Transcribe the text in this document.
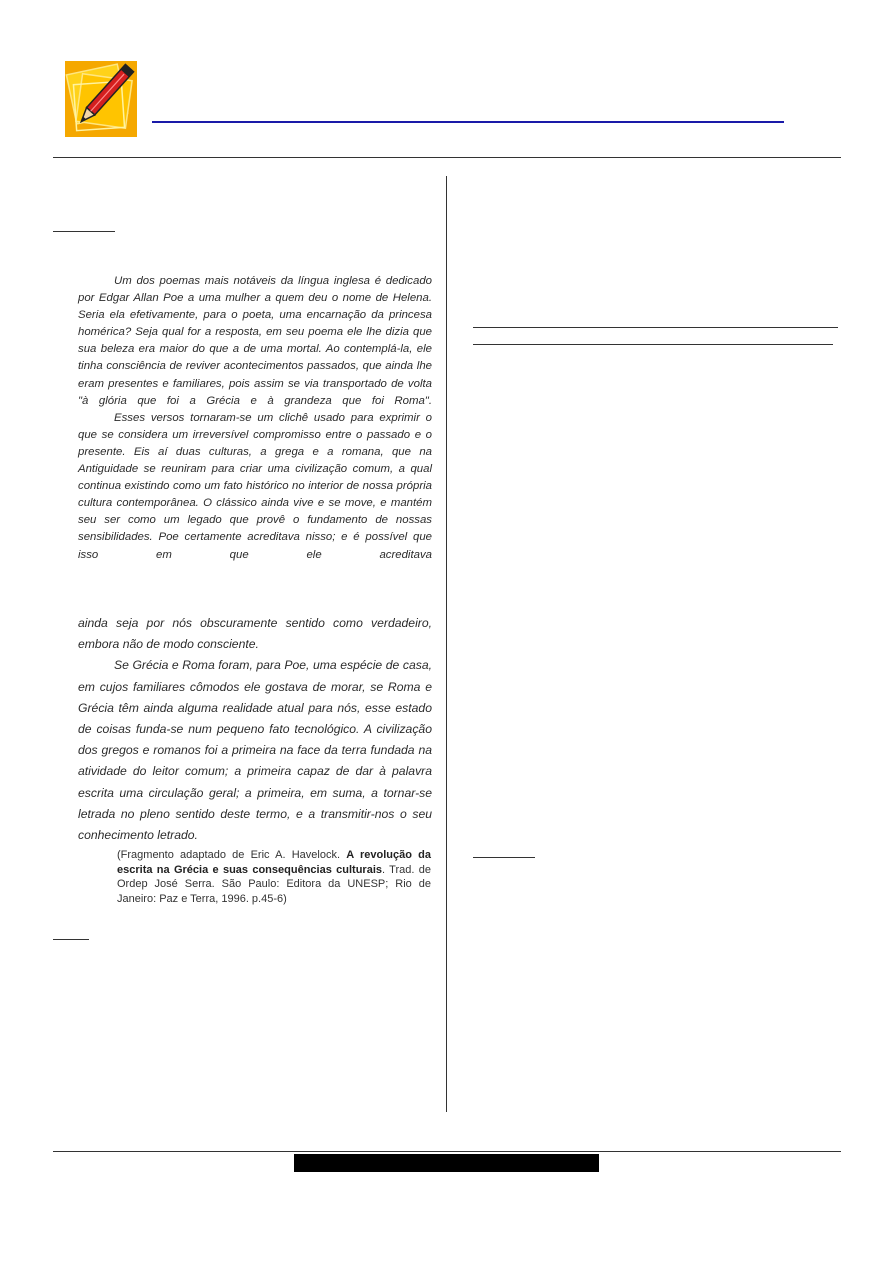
Um dos poemas mais notáveis da língua inglesa é dedicado por Edgar Allan Poe a uma mulher a quem deu o nome de Helena. Seria ela efetivamente, para o poeta, uma encarnação da princesa homérica? Seja qual for a resposta, em seu poema ele lhe dizia que sua beleza era maior do que a de uma mortal. Ao contemplá-la, ele tinha consciência de reviver acontecimentos passados, que ainda lhe eram presentes e familiares, pois assim se via transportado de volta "à glória que foi a Grécia e à grandeza que foi Roma".

Esses versos tornaram-se um clichê usado para exprimir o que se considera um irreversível compromisso entre o passado e o presente. Eis aí duas culturas, a grega e a romana, que na Antiguidade se reuniram para criar uma civilização comum, a qual continua existindo como um fato histórico no interior de nossa própria cultura contemporânea. O clássico ainda vive e se move, e mantém seu ser como um legado que provê o fundamento de nossas sensibilidades. Poe certamente acreditava nisso; e é possível que isso em que ele acreditava

ainda seja por nós obscuramente sentido como verdadeiro, embora não de modo consciente.

Se Grécia e Roma foram, para Poe, uma espécie de casa, em cujos familiares cômodos ele gostava de morar, se Roma e Grécia têm ainda alguma realidade atual para nós, esse estado de coisas funda-se num pequeno fato tecnológico. A civilização dos gregos e romanos foi a primeira na face da terra fundada na atividade do leitor comum; a primeira capaz de dar à palavra escrita uma circulação geral; a primeira, em suma, a tornar-se letrada no pleno sentido deste termo, e a transmitir-nos o seu conhecimento letrado.

(Fragmento adaptado de Eric A. Havelock. A revolução da escrita na Grécia e suas consequências culturais. Trad. de Ordep José Serra. São Paulo: Editora da UNESP; Rio de Janeiro: Paz e Terra, 1996. p.45-6)
